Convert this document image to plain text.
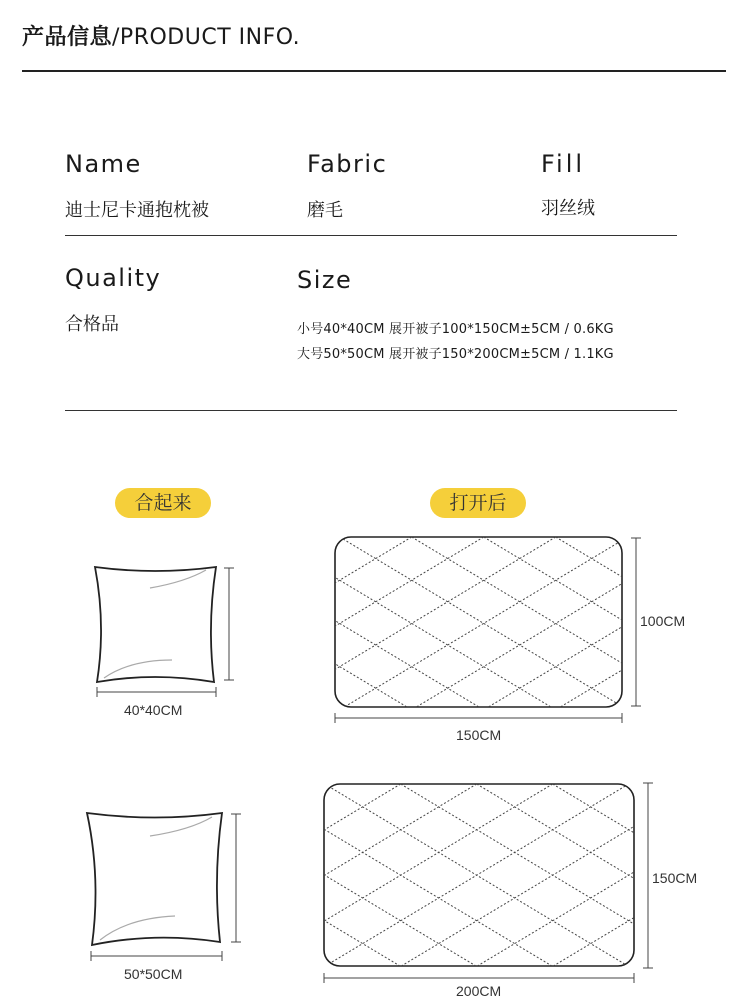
产品信息/PRODUCT INFO.
Name
迪士尼卡通抱枕被
Fabric
磨毛
Fill
羽丝绒
Quality
合格品
Size
小号40*40CM 展开被子100*150CM±5CM / 0.6KG
大号50*50CM 展开被子150*200CM±5CM / 1.1KG
合起来	打开后
40*40CM
100CM
150CM
50*50CM
150CM
200CM
